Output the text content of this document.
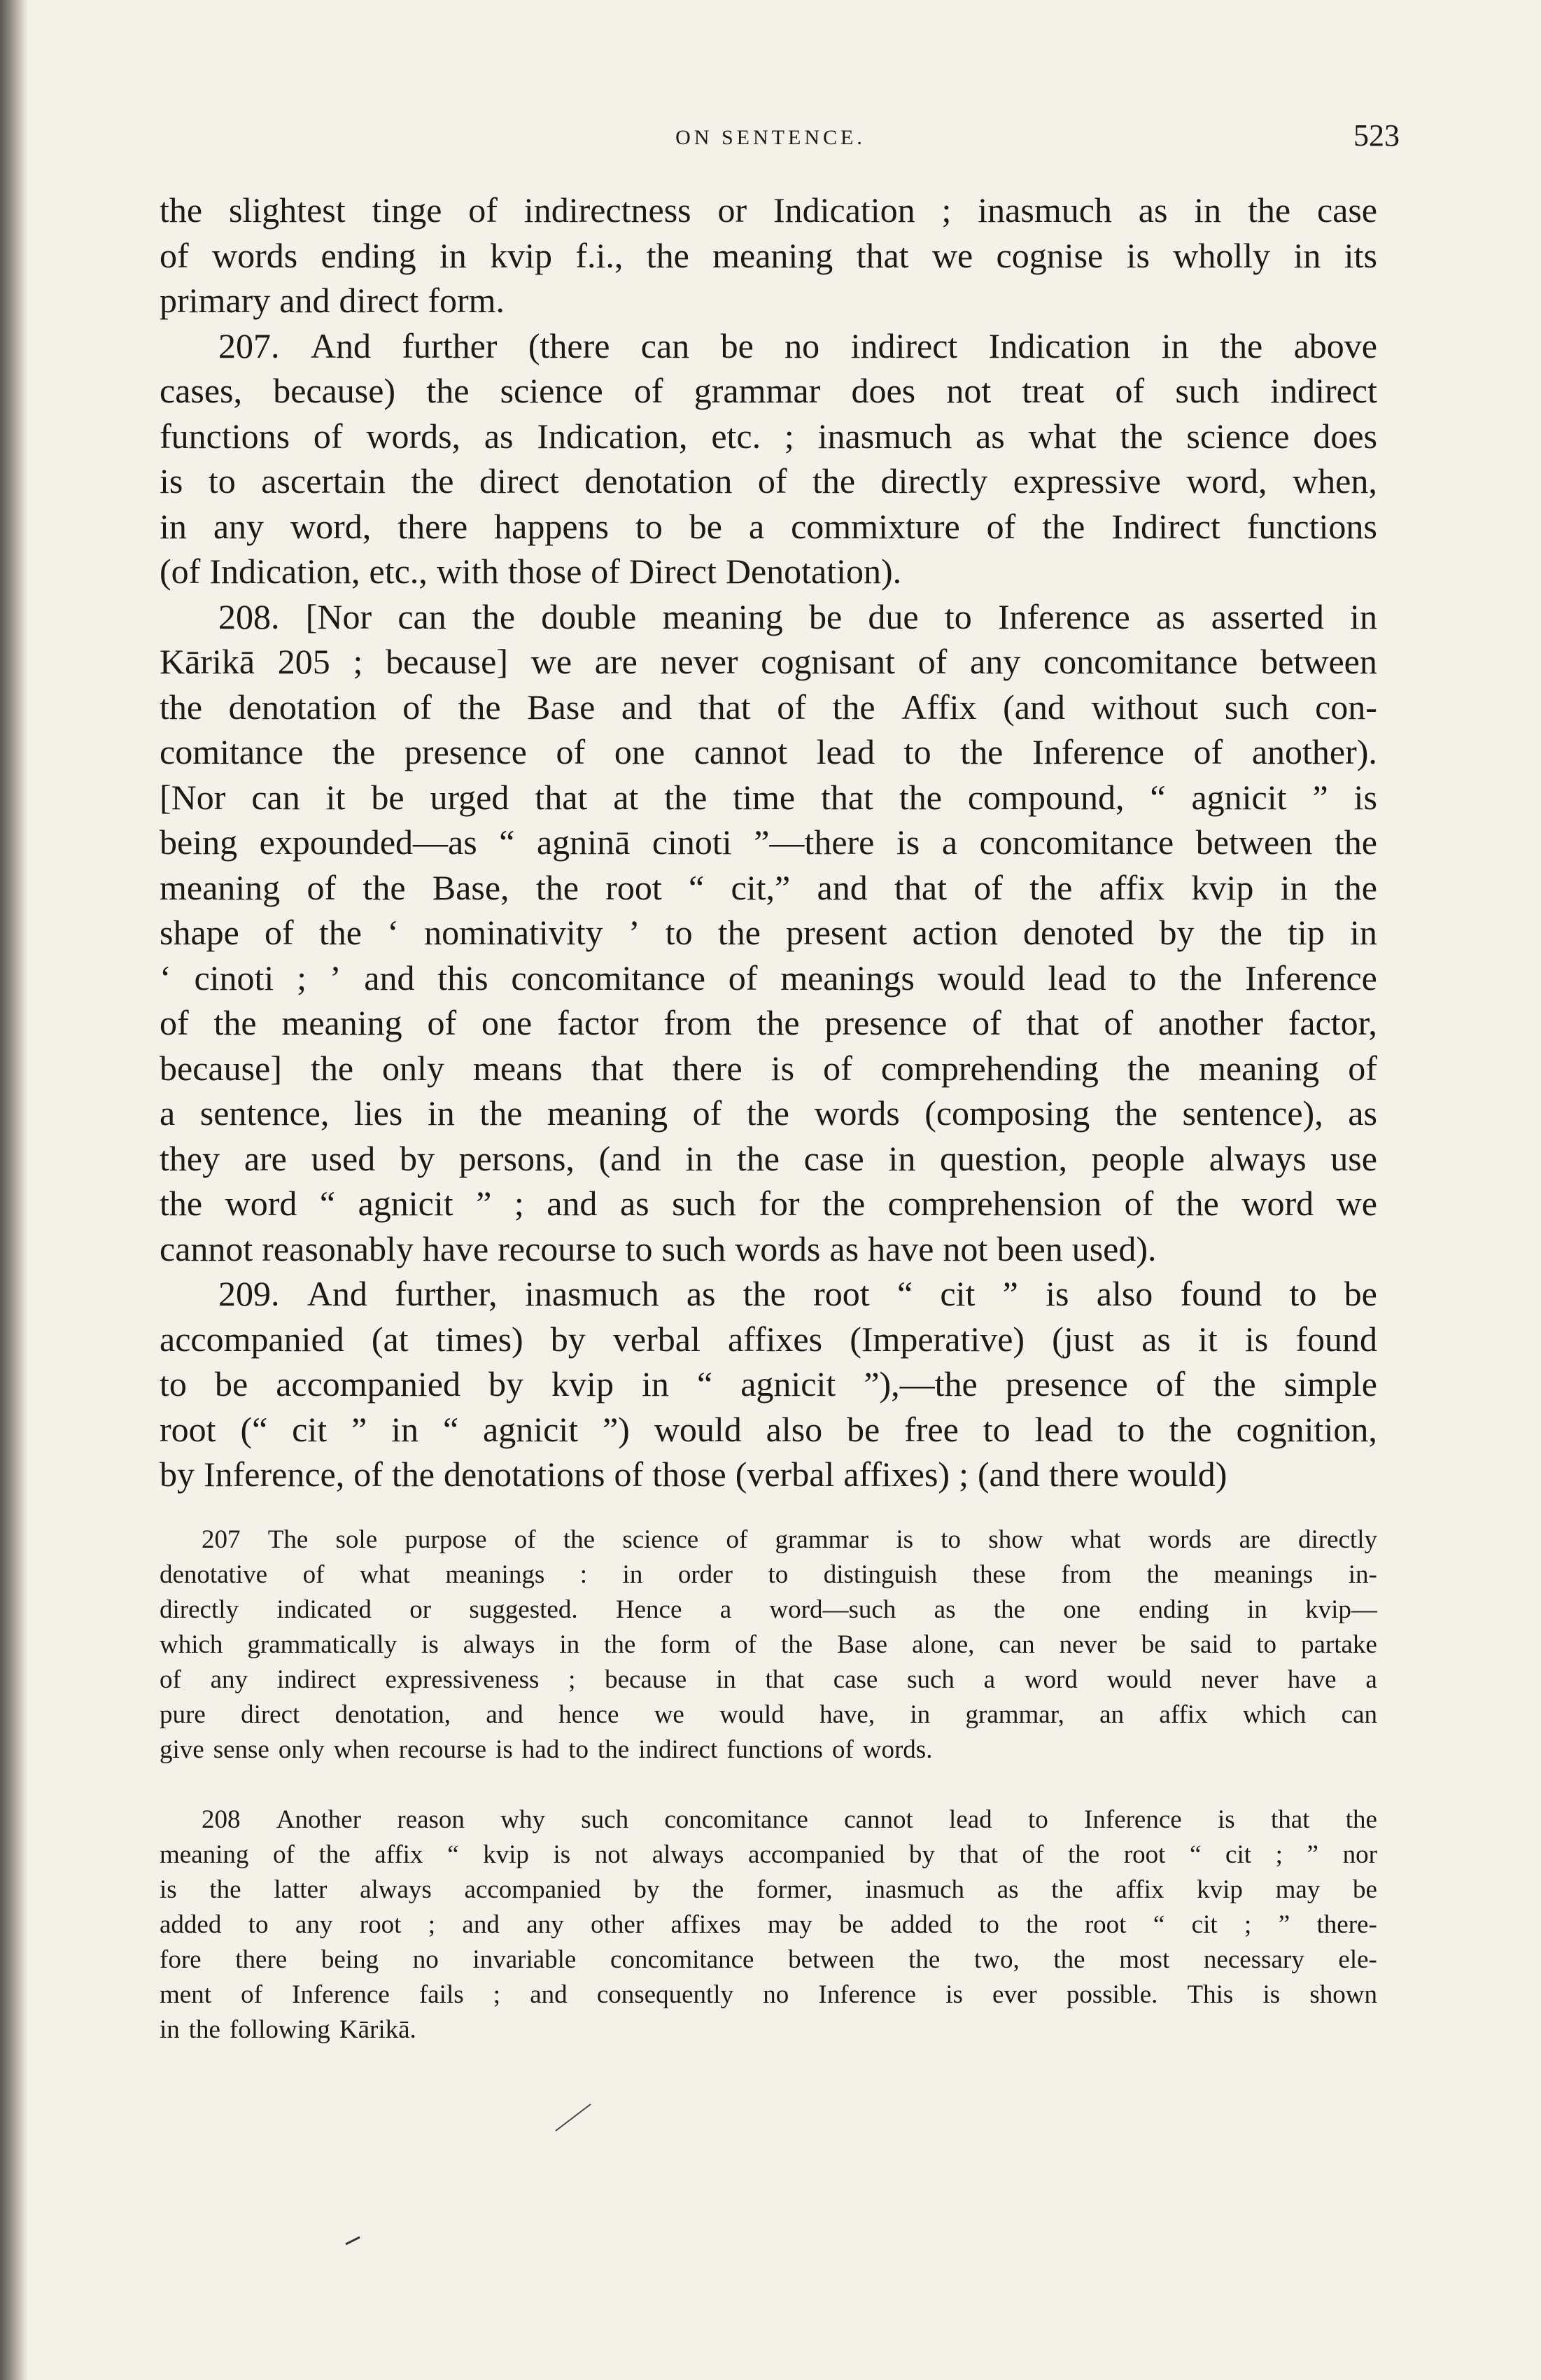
ON SENTENCE.	523
the slightest tinge of indirectness or Indication ; inasmuch as in the case
of words ending in kvip f.i., the meaning that we cognise is wholly in its
primary and direct form.
207. And further (there can be no indirect Indication in the above
cases, because) the science of grammar does not treat of such indirect
functions of words, as Indication, etc. ; inasmuch as what the science does
is to ascertain the direct denotation of the directly expressive word, when,
in any word, there happens to be a commixture of the Indirect functions
(of Indication, etc., with those of Direct Denotation).
208. [Nor can the double meaning be due to Inference as asserted in
Kārikā 205 ; because] we are never cognisant of any concomitance between
the denotation of the Base and that of the Affix (and without such con-
comitance the presence of one cannot lead to the Inference of another).
[Nor can it be urged that at the time that the compound, “ agnicit ” is
being expounded—as “ agninā cinoti ”—there is a concomitance between the
meaning of the Base, the root “ cit,” and that of the affix kvip in the
shape of the ‘ nominativity ’ to the present action denoted by the tip in
‘ cinoti ; ’ and this concomitance of meanings would lead to the Inference
of the meaning of one factor from the presence of that of another factor,
because] the only means that there is of comprehending the meaning of
a sentence, lies in the meaning of the words (composing the sentence), as
they are used by persons, (and in the case in question, people always use
the word “ agnicit ” ; and as such for the comprehension of the word we
cannot reasonably have recourse to such words as have not been used).
209. And further, inasmuch as the root “ cit ” is also found to be
accompanied (at times) by verbal affixes (Imperative) (just as it is found
to be accompanied by kvip in “ agnicit ”),—the presence of the simple
root (“ cit ” in “ agnicit ”) would also be free to lead to the cognition,
by Inference, of the denotations of those (verbal affixes) ; (and there would)
207 The sole purpose of the science of grammar is to show what words are directly
denotative of what meanings : in order to distinguish these from the meanings in-
directly indicated or suggested. Hence a word—such as the one ending in kvip—
which grammatically is always in the form of the Base alone, can never be said to partake
of any indirect expressiveness ; because in that case such a word would never have a
pure direct denotation, and hence we would have, in grammar, an affix which can
give sense only when recourse is had to the indirect functions of words.
208 Another reason why such concomitance cannot lead to Inference is that the
meaning of the affix “ kvip is not always accompanied by that of the root “ cit ; ” nor
is the latter always accompanied by the former, inasmuch as the affix kvip may be
added to any root ; and any other affixes may be added to the root “ cit ; ” there-
fore there being no invariable concomitance between the two, the most necessary ele-
ment of Inference fails ; and consequently no Inference is ever possible. This is shown
in the following Kārikā.
